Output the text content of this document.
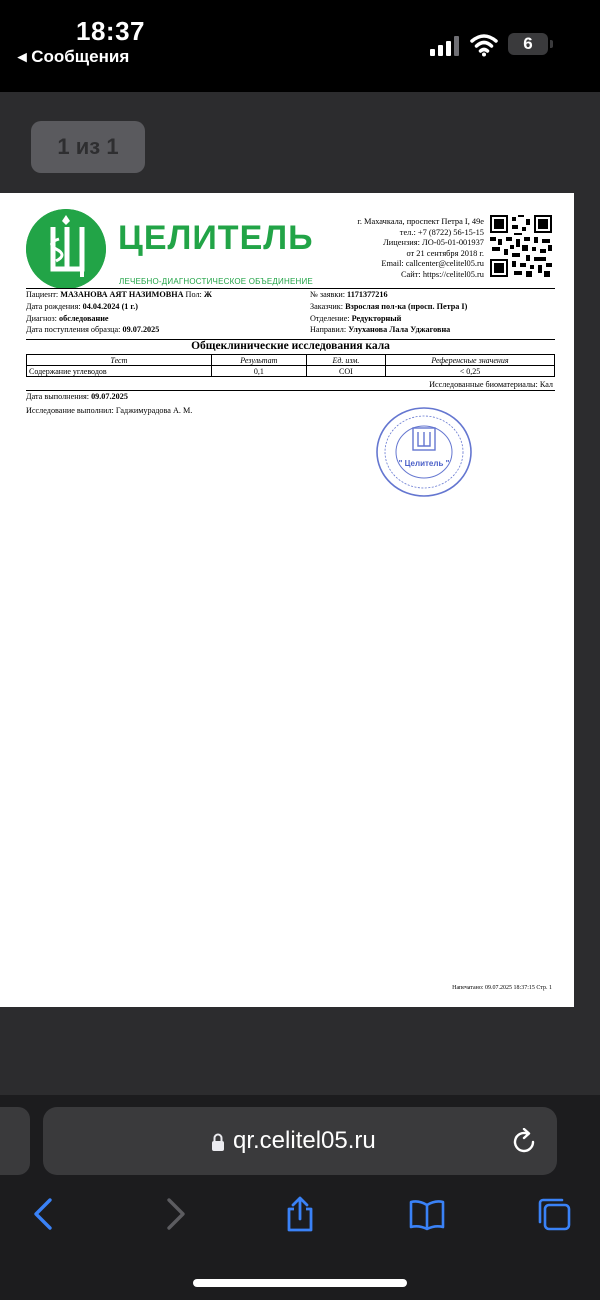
18:37
◂ Сообщения
6
1 из 1
ЦЕЛИТЕЛЬ
ЛЕЧЕБНО-ДИАГНОСТИЧЕСКОЕ ОБЪЕДИНЕНИЕ
г. Махачкала, проспект Петра I, 49е
тел.: +7 (8722) 56-15-15
Лицензия: ЛО-05-01-001937
от 21 сентября 2018 г.
Email: callcenter@celitel05.ru
Сайт: https://celitel05.ru
Пациент: МАЗАНОВА АЯТ НАЗИМОВНА Пол: Ж
Дата рождения: 04.04.2024 (1 г.)
Диагноз: обследование
Дата поступления образца: 09.07.2025
№ заявки: 1171377216
Заказчик: Взрослая пол-ка (просп. Петра I)
Отделение: Редукторный
Направил: Улуханова Лала Уджаговна
Общеклинические исследования кала
Тест	Результат	Ед. изм.	Референсные значения
Содержание углеводов	0,1	COI	< 0,25
Исследованные биоматериалы: Кал
Дата выполнения: 09.07.2025
Исследование выполнил: Гаджимурадова А. М.
" Целитель "
Напечатано: 09.07.2025 18:37:15 Стр. 1
qr.celitel05.ru
